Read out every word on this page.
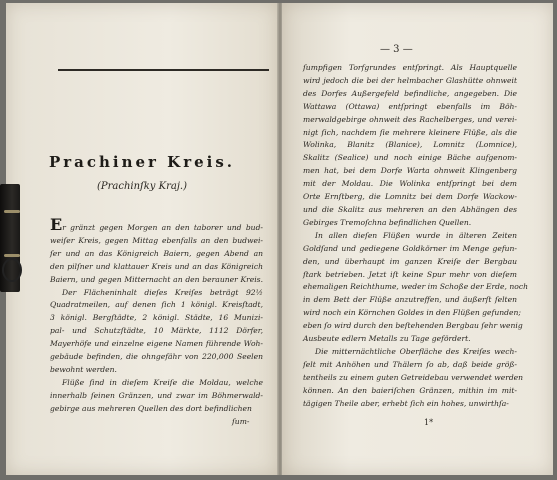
Prachiner Kreis.
(Prachinſky Kraj.)
Er gränzt gegen Morgen an den taborer und bud-
weiſer Kreis, gegen Mittag ebenfalls an den budwei-
ſer und an das Königreich Baiern, gegen Abend an
den pilſner und klattauer Kreis und an das Königreich
Baiern, und gegen Mitternacht an den berauner Kreis.
Der Flächeninhalt dieſes Kreiſes beträgt 92½
Quadratmeilen, auf denen ſich 1 königl. Kreisſtadt,
3 königl. Bergſtädte, 2 königl. Städte, 16 Munizi-
pal- und Schutzſtädte, 10 Märkte, 1112 Dörfer,
Mayerhöfe und einzelne eigene Namen führende Woh-
gebäude befinden, die ohngefähr von 220,000 Seelen
bewohnt werden.
Flüße ſind in dieſem Kreiſe die Moldau, welche
innerhalb ſeinen Gränzen, und zwar im Böhmerwald-
gebirge aus mehreren Quellen des dort befindlichen
ſum-
— 3 —
ſumpfigen Torfgrundes entſpringt. Als Hauptquelle
wird jedoch die bei der helmbacher Glashütte ohnweit
des Dorfes Außergefeld befindliche, angegeben. Die
Wattawa (Ottawa) entſpringt ebenfalls im Böh-
merwaldgebirge ohnweit des Rachelberges, und verei-
nigt ſich, nachdem ſie mehrere kleinere Flüße, als die
Wolinka, Blanitz (Blanice), Lomnitz (Lomnice),
Skalitz (Sealice) und noch einige Bäche aufgenom-
men hat, bei dem Dorfe Warta ohnweit Klingenberg
mit der Moldau. Die Wolinka entſpringt bei dem
Orte Ernſtberg, die Lomnitz bei dem Dorfe Wackow-
und die Skalitz aus mehreren an den Abhängen des
Gebirges Tremoſchna befindlichen Quellen.
In allen dieſen Flüßen wurde in älteren Zeiten
Goldſand und gediegene Goldkörner im Menge gefun-
den, und überhaupt im ganzen Kreiſe der Bergbau
ſtark betrieben. Jetzt iſt keine Spur mehr von dieſem
ehemaligen Reichthume, weder im Schoße der Erde, noch
in dem Bett der Flüße anzutreffen, und äußerſt ſelten
wird noch ein Körnchen Goldes in den Flüßen gefunden;
eben ſo wird durch den beſtehenden Bergbau ſehr wenig
Ausbeute edlern Metalls zu Tage gefördert.
Die mitternächtliche Oberfläche des Kreiſes wech-
ſelt mit Anhöhen und Thälern ſo ab, daß beide größ-
tentheils zu einem guten Getreidebau verwendet werden
können. An den baieriſchen Gränzen, mithin im mit-
tägigen Theile aber, erhebt ſich ein hohes, unwirthſa-
1*
